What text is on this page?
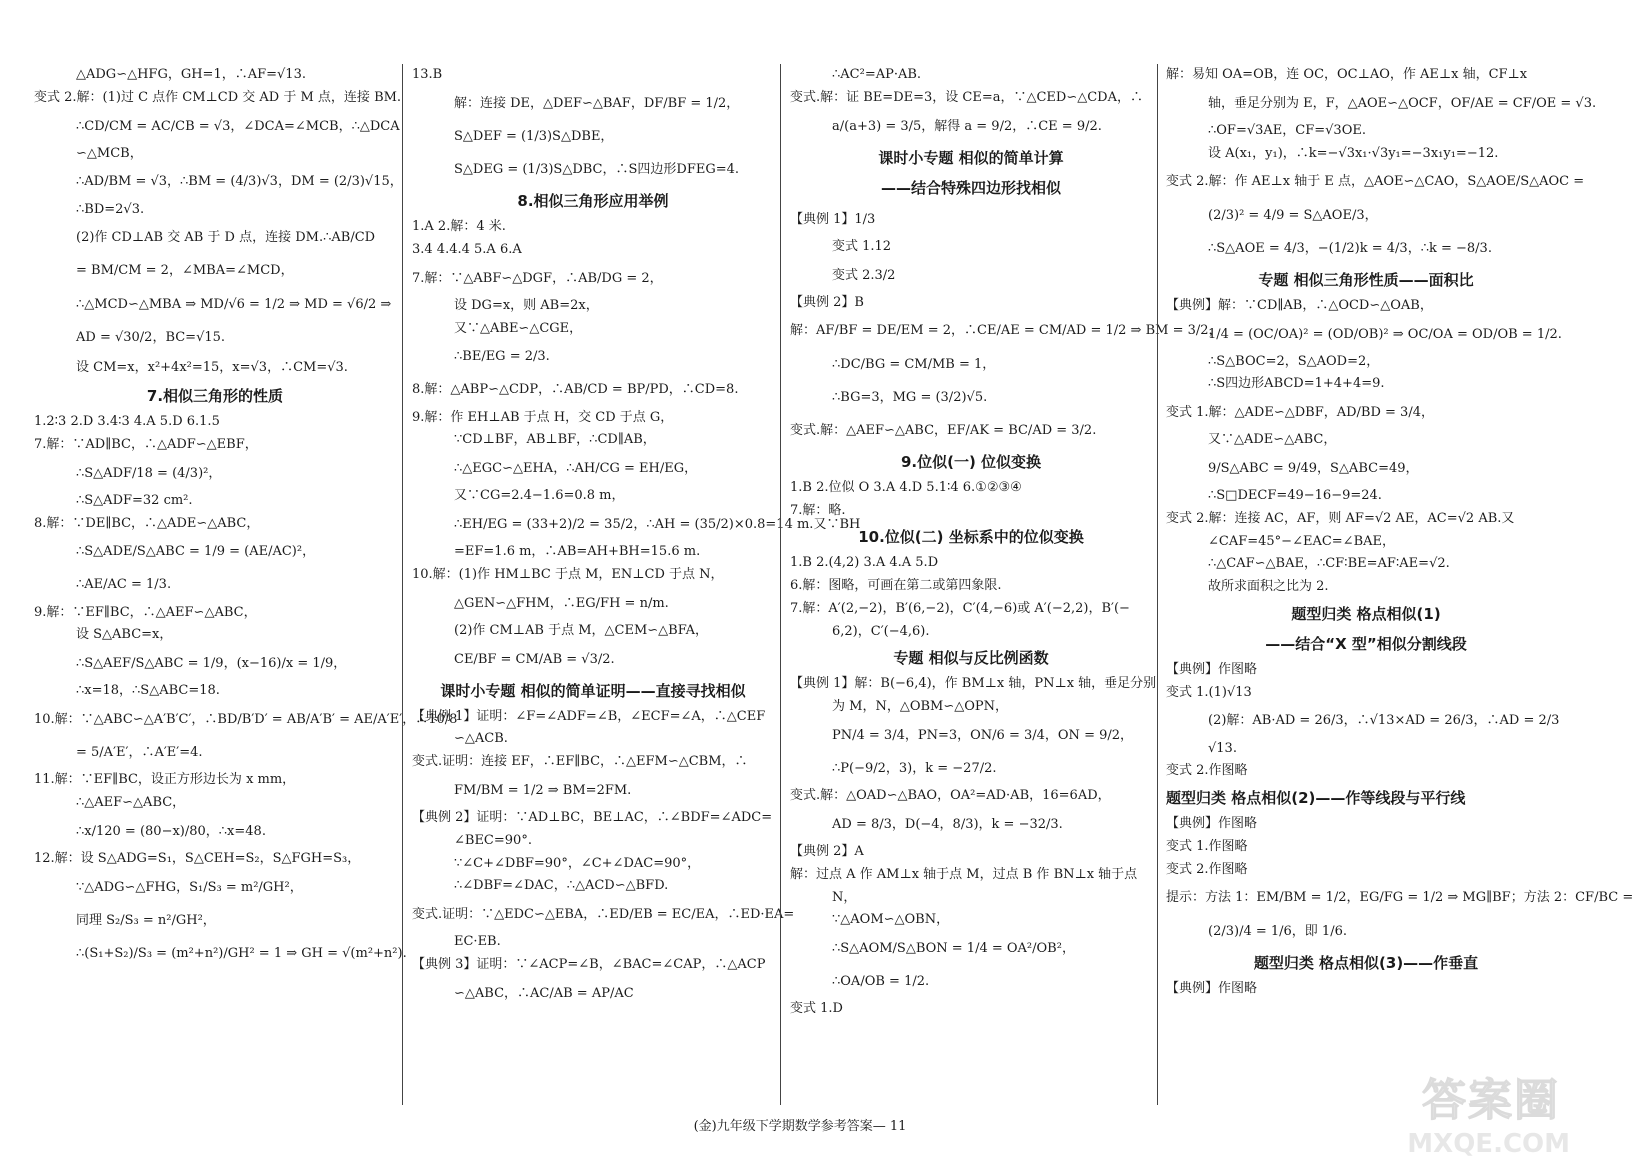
△ADG∽△HFG，GH=1，∴AF=√13.

变式 2.解：(1)过 C 点作 CM⊥CD 交 AD 于 M 点，连接 BM.

∴CD/CM = AC/CB = √3，∠DCA=∠MCB，∴△DCA

∽△MCB，

∴AD/BM = √3，∴BM = (4/3)√3，DM = (2/3)√15，

∴BD=2√3.

(2)作 CD⊥AB 交 AB 于 D 点，连接 DM.∴AB/CD

= BM/CM = 2，∠MBA=∠MCD，

∴△MCD∽△MBA ⇒ MD/√6 = 1/2 ⇒ MD = √6/2 ⇒

AD = √30/2，BC=√15.

设 CM=x，x²+4x²=15，x=√3，∴CM=√3.

7.相似三角形的性质

1.2∶3 2.D 3.4∶3 4.A 5.D 6.1.5

7.解：∵AD∥BC，∴△ADF∽△EBF，

∴S△ADF/18 = (4/3)²，

∴S△ADF=32 cm².

8.解：∵DE∥BC，∴△ADE∽△ABC，

∴S△ADE/S△ABC = 1/9 = (AE/AC)²，

∴AE/AC = 1/3.

9.解：∵EF∥BC，∴△AEF∽△ABC，

设 S△ABC=x，

∴S△AEF/S△ABC = 1/9，(x−16)/x = 1/9，

∴x=18，∴S△ABC=18.

10.解：∵△ABC∽△A′B′C′，∴BD/B′D′ = AB/A′B′ = AE/A′E′，∴10/8

= 5/A′E′，∴A′E′=4.

11.解：∵EF∥BC，设正方形边长为 x mm，

∴△AEF∽△ABC，

∴x/120 = (80−x)/80，∴x=48.

12.解：设 S△ADG=S₁，S△CEH=S₂，S△FGH=S₃，

∵△ADG∽△FHG，S₁/S₃ = m²/GH²，

同理 S₂/S₃ = n²/GH²，

∴(S₁+S₂)/S₃ = (m²+n²)/GH² = 1 ⇒ GH = √(m²+n²).

13.B

解：连接 DE，△DEF∽△BAF，DF/BF = 1/2，

S△DEF = (1/3)S△DBE，

S△DEG = (1/3)S△DBC，∴S四边形DFEG=4.

8.相似三角形应用举例

1.A 2.解：4 米.

3.4 4.4.4 5.A 6.A

7.解：∵△ABF∽△DGF，∴AB/DG = 2，

设 DG=x，则 AB=2x，

又∵△ABE∽△CGE，

∴BE/EG = 2/3.

8.解：△ABP∽△CDP，∴AB/CD = BP/PD，∴CD=8.

9.解：作 EH⊥AB 于点 H，交 CD 于点 G，

∵CD⊥BF，AB⊥BF，∴CD∥AB，

∴△EGC∽△EHA，∴AH/CG = EH/EG，

又∵CG=2.4−1.6=0.8 m，

∴EH/EG = (33+2)/2 = 35/2，∴AH = (35/2)×0.8=14 m.又∵BH

=EF=1.6 m，∴AB=AH+BH=15.6 m.

10.解：(1)作 HM⊥BC 于点 M，EN⊥CD 于点 N，

△GEN∽△FHM，∴EG/FH = n/m.

(2)作 CM⊥AB 于点 M，△CEM∽△BFA，

CE/BF = CM/AB = √3/2.

课时小专题 相似的简单证明——直接寻找相似

【典例 1】证明：∠F=∠ADF=∠B，∠ECF=∠A，∴△CEF

∽△ACB.

变式.证明：连接 EF，∴EF∥BC，∴△EFM∽△CBM，∴

FM/BM = 1/2 ⇒ BM=2FM.

【典例 2】证明：∵AD⊥BC，BE⊥AC，∴∠BDF=∠ADC=

∠BEC=90°.

∵∠C+∠DBF=90°，∠C+∠DAC=90°，

∴∠DBF=∠DAC，∴△ACD∽△BFD.

变式.证明：∵△EDC∽△EBA，∴ED/EB = EC/EA，∴ED·EA=

EC·EB.

【典例 3】证明：∵∠ACP=∠B，∠BAC=∠CAP，∴△ACP

∽△ABC，∴AC/AB = AP/AC

∴AC²=AP·AB.

变式.解：证 BE=DE=3，设 CE=a，∵△CED∽△CDA，∴

a/(a+3) = 3/5，解得 a = 9/2，∴CE = 9/2.

课时小专题 相似的简单计算

——结合特殊四边形找相似

【典例 1】1/3

变式 1.12

变式 2.3/2

【典例 2】B

解：AF/BF = DE/EM = 2，∴CE/AE = CM/AD = 1/2 ⇒ BM = 3/2，

∴DC/BG = CM/MB = 1，

∴BG=3，MG = (3/2)√5.

变式.解：△AEF∽△ABC，EF/AK = BC/AD = 3/2.

9.位似(一) 位似变换

1.B 2.位似 O 3.A 4.D 5.1∶4 6.①②③④

7.解：略.

10.位似(二) 坐标系中的位似变换

1.B 2.(4,2) 3.A 4.A 5.D

6.解：图略，可画在第二或第四象限.

7.解：A′(2,−2)，B′(6,−2)，C′(4,−6)或 A′(−2,2)，B′(−

6,2)，C′(−4,6).

专题 相似与反比例函数

【典例 1】解：B(−6,4)，作 BM⊥x 轴，PN⊥x 轴，垂足分别

为 M，N，△OBM∽△OPN，

PN/4 = 3/4，PN=3，ON/6 = 3/4，ON = 9/2，

∴P(−9/2，3)，k = −27/2.

变式.解：△OAD∽△BAO，OA²=AD·AB，16=6AD，

AD = 8/3，D(−4，8/3)，k = −32/3.

【典例 2】A

解：过点 A 作 AM⊥x 轴于点 M，过点 B 作 BN⊥x 轴于点

N，

∵△AOM∽△OBN，

∴S△AOM/S△BON = 1/4 = OA²/OB²，

∴OA/OB = 1/2.

变式 1.D

解：易知 OA=OB，连 OC，OC⊥AO，作 AE⊥x 轴，CF⊥x

轴，垂足分别为 E，F，△AOE∽△OCF，OF/AE = CF/OE = √3.

∴OF=√3AE，CF=√3OE.

设 A(x₁，y₁)，∴k=−√3x₁·√3y₁=−3x₁y₁=−12.

变式 2.解：作 AE⊥x 轴于 E 点，△AOE∽△CAO，S△AOE/S△AOC =

(2/3)² = 4/9 = S△AOE/3，

∴S△AOE = 4/3，−(1/2)k = 4/3，∴k = −8/3.

专题 相似三角形性质——面积比

【典例】解：∵CD∥AB，∴△OCD∽△OAB，

1/4 = (OC/OA)² = (OD/OB)² ⇒ OC/OA = OD/OB = 1/2.

∴S△BOC=2，S△AOD=2，

∴S四边形ABCD=1+4+4=9.

变式 1.解：△ADE∽△DBF，AD/BD = 3/4，

又∵△ADE∽△ABC，

9/S△ABC = 9/49，S△ABC=49，

∴S□DECF=49−16−9=24.

变式 2.解：连接 AC，AF，则 AF=√2 AE，AC=√2 AB.又

∠CAF=45°−∠EAC=∠BAE，

∴△CAF∽△BAE，∴CF∶BE=AF∶AE=√2.

故所求面积之比为 2.

题型归类 格点相似(1)

——结合“X 型”相似分割线段

【典例】作图略

变式 1.(1)√13

(2)解：AB·AD = 26/3，∴√13×AD = 26/3，∴AD = 2/3

√13.

变式 2.作图略

题型归类 格点相似(2)——作等线段与平行线

【典例】作图略

变式 1.作图略

变式 2.作图略

提示：方法 1：EM/BM = 1/2，EG/FG = 1/2 ⇒ MG∥BF；方法 2：CF/BC =

(2/3)/4 = 1/6，即 1/6.

题型归类 格点相似(3)——作垂直

【典例】作图略

(金)九年级下学期数学参考答案— 11
答案圈
MXQE.COM
